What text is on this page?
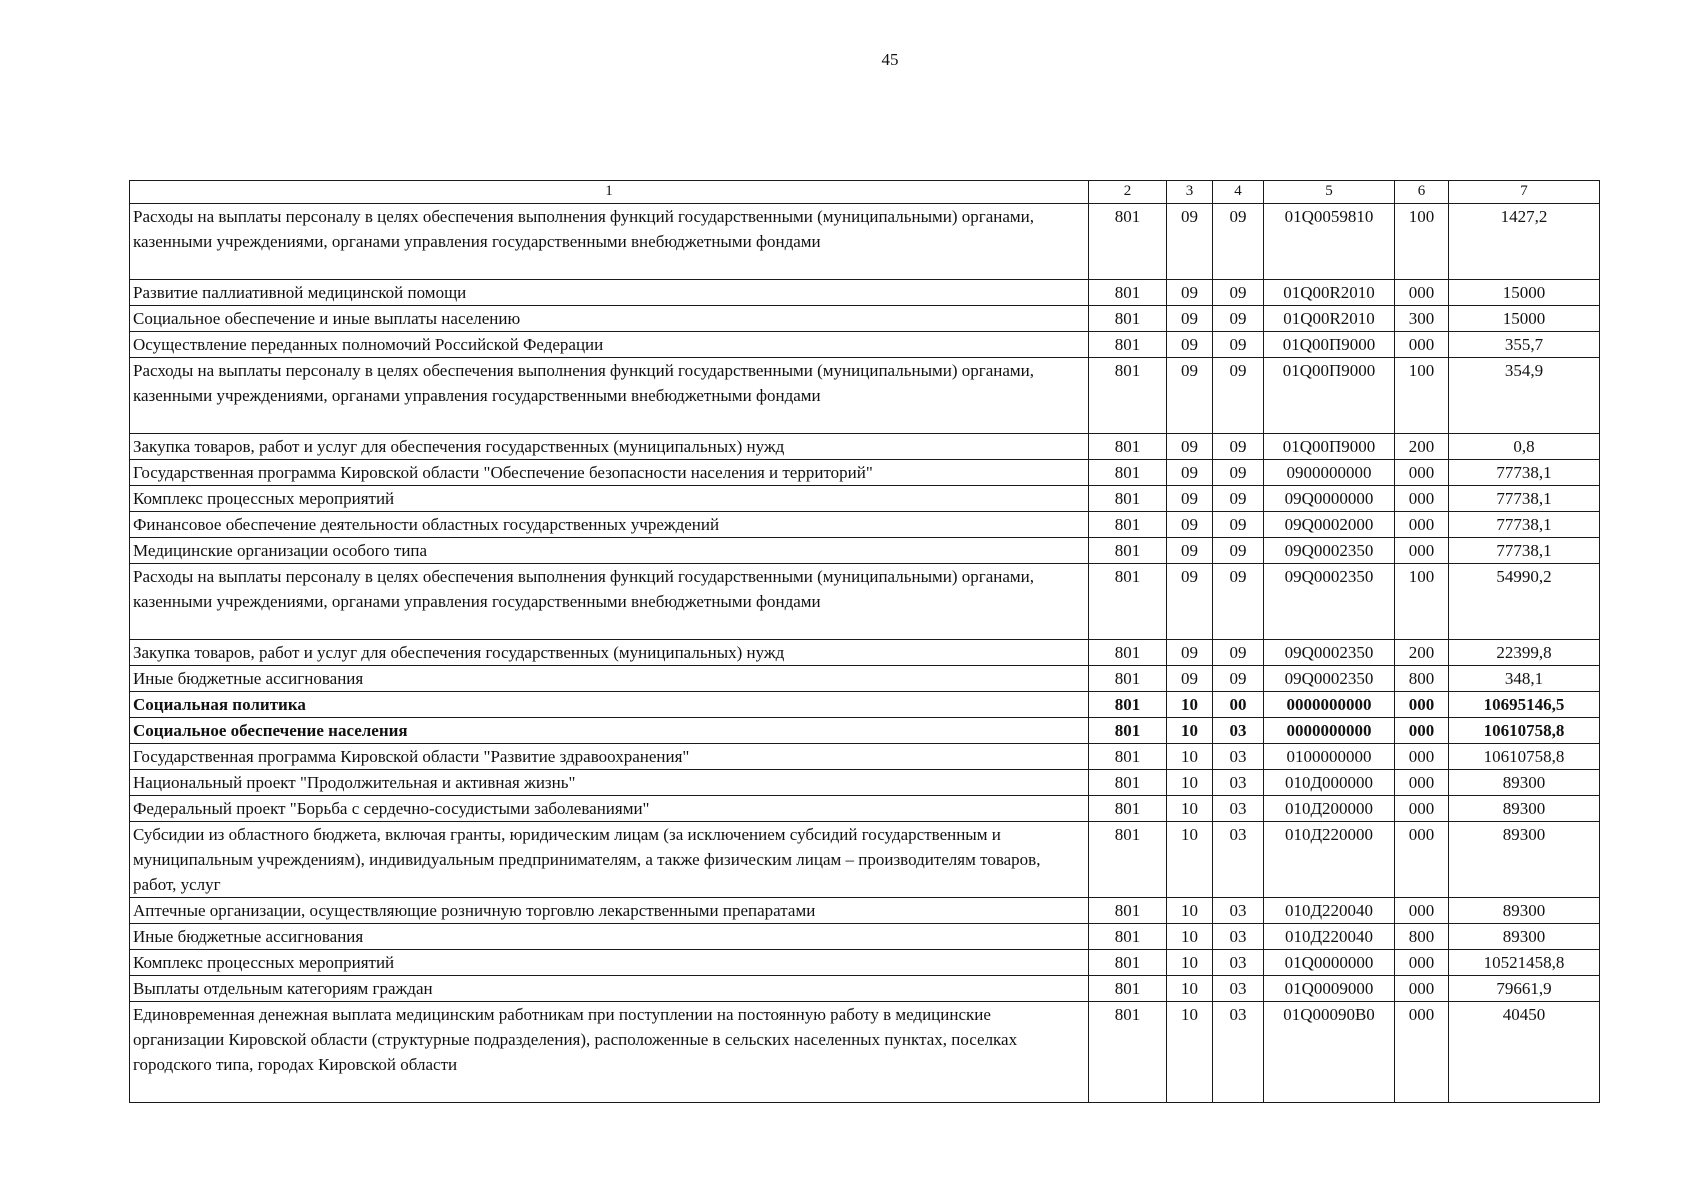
45
1	2	3	4	5	6	7
Расходы на выплаты персоналу в целях обеспечения выполнения функций государственными (муниципальными) органами, казенными учреждениями, органами управления государственными внебюджетными фондами	801	09	09	01Q0059810	100	1427,2
Развитие паллиативной медицинской помощи	801	09	09	01Q00R2010	000	15000
Социальное обеспечение и иные выплаты населению	801	09	09	01Q00R2010	300	15000
Осуществление переданных полномочий Российской Федерации	801	09	09	01Q00П9000	000	355,7
Расходы на выплаты персоналу в целях обеспечения выполнения функций государственными (муниципальными) органами, казенными учреждениями, органами управления государственными внебюджетными фондами	801	09	09	01Q00П9000	100	354,9
Закупка товаров, работ и услуг для обеспечения государственных (муниципальных) нужд	801	09	09	01Q00П9000	200	0,8
Государственная программа Кировской области "Обеспечение безопасности населения и территорий"	801	09	09	0900000000	000	77738,1
Комплекс процессных мероприятий	801	09	09	09Q0000000	000	77738,1
Финансовое обеспечение деятельности областных государственных учреждений	801	09	09	09Q0002000	000	77738,1
Медицинские организации особого типа	801	09	09	09Q0002350	000	77738,1
Расходы на выплаты персоналу в целях обеспечения выполнения функций государственными (муниципальными) органами, казенными учреждениями, органами управления государственными внебюджетными фондами	801	09	09	09Q0002350	100	54990,2
Закупка товаров, работ и услуг для обеспечения государственных (муниципальных) нужд	801	09	09	09Q0002350	200	22399,8
Иные бюджетные ассигнования	801	09	09	09Q0002350	800	348,1
Социальная политика	801	10	00	0000000000	000	10695146,5
Социальное обеспечение населения	801	10	03	0000000000	000	10610758,8
Государственная программа Кировской области "Развитие здравоохранения"	801	10	03	0100000000	000	10610758,8
Национальный проект "Продолжительная и активная жизнь"	801	10	03	010Д000000	000	89300
Федеральный проект "Борьба с сердечно-сосудистыми заболеваниями"	801	10	03	010Д200000	000	89300
Субсидии из областного бюджета, включая гранты, юридическим лицам (за исключением субсидий государственным и муниципальным учреждениям), индивидуальным предпринимателям, а также физическим лицам – производителям товаров, работ, услуг	801	10	03	010Д220000	000	89300
Аптечные организации, осуществляющие розничную торговлю лекарственными препаратами	801	10	03	010Д220040	000	89300
Иные бюджетные ассигнования	801	10	03	010Д220040	800	89300
Комплекс процессных мероприятий	801	10	03	01Q0000000	000	10521458,8
Выплаты отдельным категориям граждан	801	10	03	01Q0009000	000	79661,9
Единовременная денежная выплата медицинским работникам при поступлении на постоянную работу в медицинские организации Кировской области (структурные подразделения), расположенные в сельских населенных пунктах, поселках городского типа, городах Кировской области	801	10	03	01Q00090B0	000	40450
